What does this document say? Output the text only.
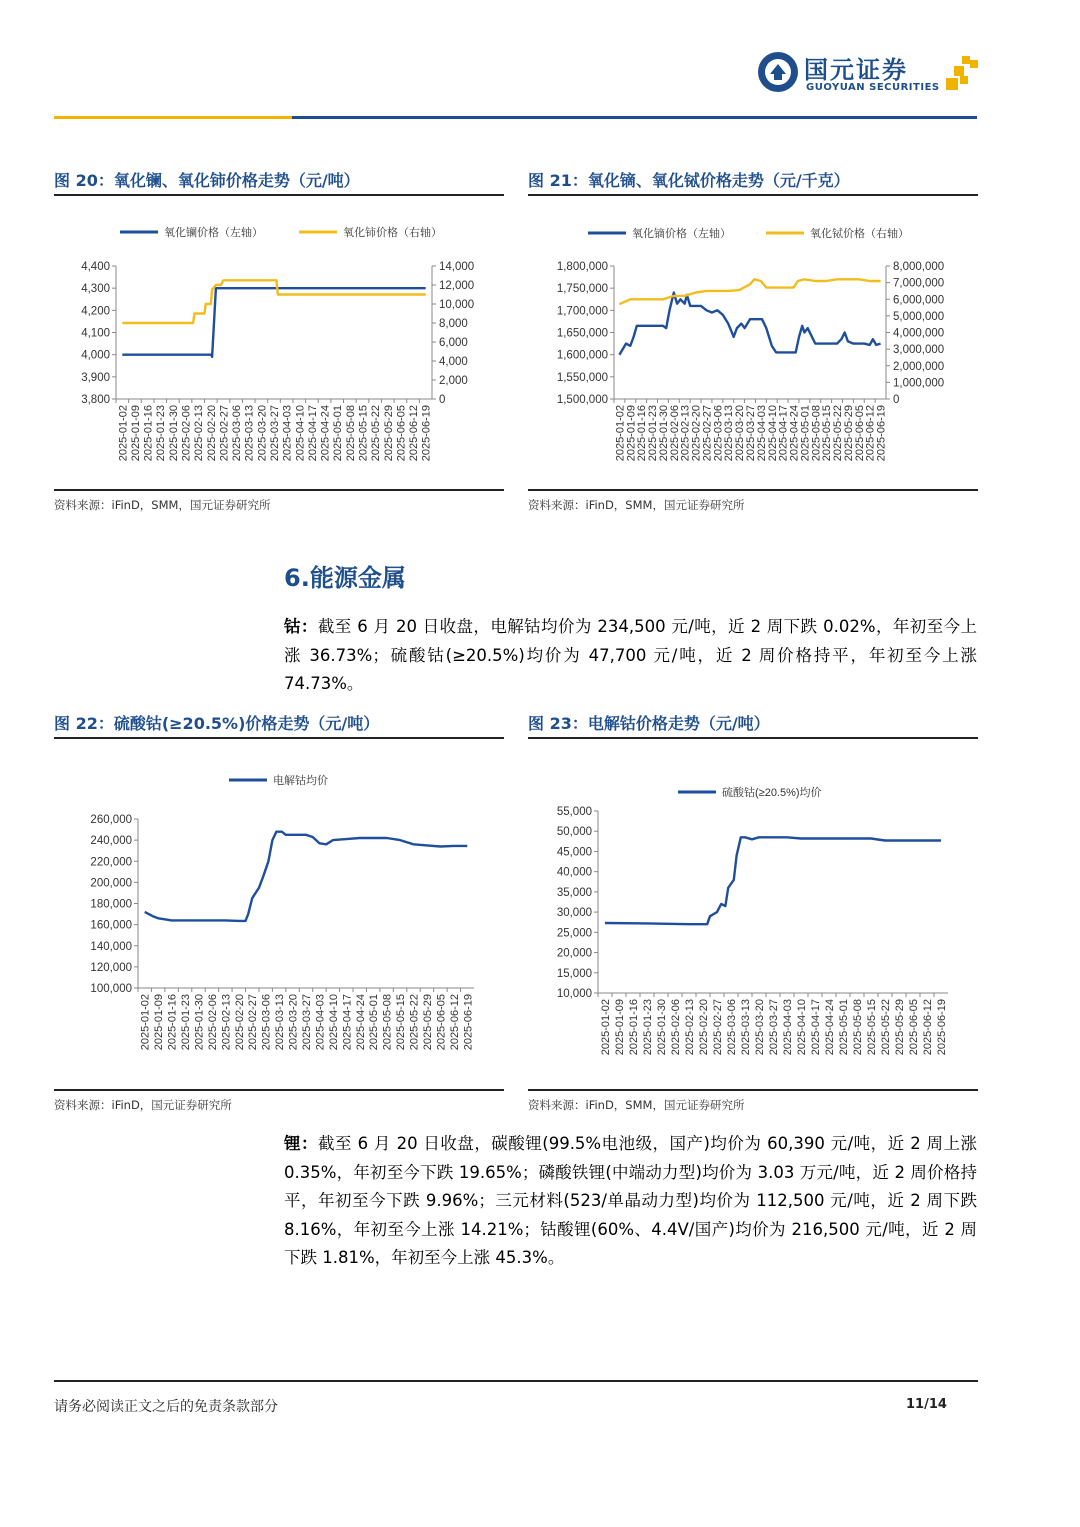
国元证券
GUOYUAN SECURITIES
图 20：氧化镧、氧化铈价格走势（元/吨）	图 21：氧化镝、氧化铽价格走势（元/千克）
资料来源：iFinD，SMM，国元证券研究所	资料来源：iFinD，SMM，国元证券研究所
4,400
4,300
4,200
4,100
4,000
3,900
3,800
14,000
12,000
10,000
8,000
6,000
4,000
2,000
0
2025-01-02 2025-01-09 2025-01-16 2025-01-23 2025-01-30 2025-02-06 2025-02-13 2025-02-20 2025-02-27 2025-03-06 2025-03-13 2025-03-20 2025-03-27 2025-04-03 2025-04-10 2025-04-17 2025-04-24 2025-05-01 2025-05-08 2025-05-15 2025-05-22 2025-05-29 2025-06-05 2025-06-12 2025-06-19
氧化镧价格（左轴）	氧化铈价格（右轴）
1,800,000
1,750,000
1,700,000
1,650,000
1,600,000
1,550,000
1,500,000
8,000,000
7,000,000
6,000,000
5,000,000
4,000,000
3,000,000
2,000,000
1,000,000
0
2025-01-02
2025-01-09
2025-01-16
2025-01-23
2025-01-30
2025-02-06
2025-02-13
2025-02-20
2025-02-27
2025-03-06
2025-03-13
2025-03-20
2025-03-27
2025-04-03
2025-04-10
2025-04-17
2025-04-24
2025-05-01
2025-05-08
2025-05-15
2025-05-22
2025-05-29
2025-06-05
2025-06-12
2025-06-19
氧化镝价格（左轴）	氧化铽价格（右轴）
6.能源金属
钴：截至 6 月 20 日收盘，电解钴均价为 234,500 元/吨，近 2 周下跌 0.02%，年初至今上涨 36.73%；硫酸钴(≥20.5%)均价为 47,700 元/吨，近 2 周价格持平，年初至今上涨 74.73%。
图 22：硫酸钴(≥20.5%)价格走势（元/吨）	图 23：电解钴价格走势（元/吨）
资料来源：iFinD，国元证券研究所	资料来源：iFinD，SMM，国元证券研究所
260,000
240,000
220,000
200,000
180,000
160,000
140,000
120,000
100,000
2025-01-02 2025-01-09 2025-01-16 2025-01-23 2025-01-30 2025-02-06 2025-02-13 2025-02-20 2025-02-27 2025-03-06 2025-03-13 2025-03-20 2025-03-27 2025-04-03 2025-04-10 2025-04-17 2025-04-24 2025-05-01 2025-05-08 2025-05-15 2025-05-22 2025-05-29 2025-06-05 2025-06-12 2025-06-19
电解钴均价
55,000
50,000
45,000
40,000
35,000
30,000
25,000
20,000
15,000
10,000
2025-01-02 2025-01-09 2025-01-16 2025-01-23 2025-01-30 2025-02-06 2025-02-13 2025-02-20 2025-02-27 2025-03-06 2025-03-13 2025-03-20 2025-03-27 2025-04-03 2025-04-10 2025-04-17 2025-04-24 2025-05-01 2025-05-08 2025-05-15 2025-05-22 2025-05-29 2025-06-05 2025-06-12 2025-06-19
硫酸钴(≥20.5%)均价
锂：截至 6 月 20 日收盘，碳酸锂(99.5%电池级，国产)均价为 60,390 元/吨，近 2 周上涨 0.35%，年初至今下跌 19.65%；磷酸铁锂(中端动力型)均价为 3.03 万元/吨，近 2 周价格持平，年初至今下跌 9.96%；三元材料(523/单晶动力型)均价为 112,500 元/吨，近 2 周下跌 8.16%，年初至今上涨 14.21%；钴酸锂(60%、4.4V/国产)均价为 216,500 元/吨，近 2 周下跌 1.81%，年初至今上涨 45.3%。
请务必阅读正文之后的免责条款部分	11/14
